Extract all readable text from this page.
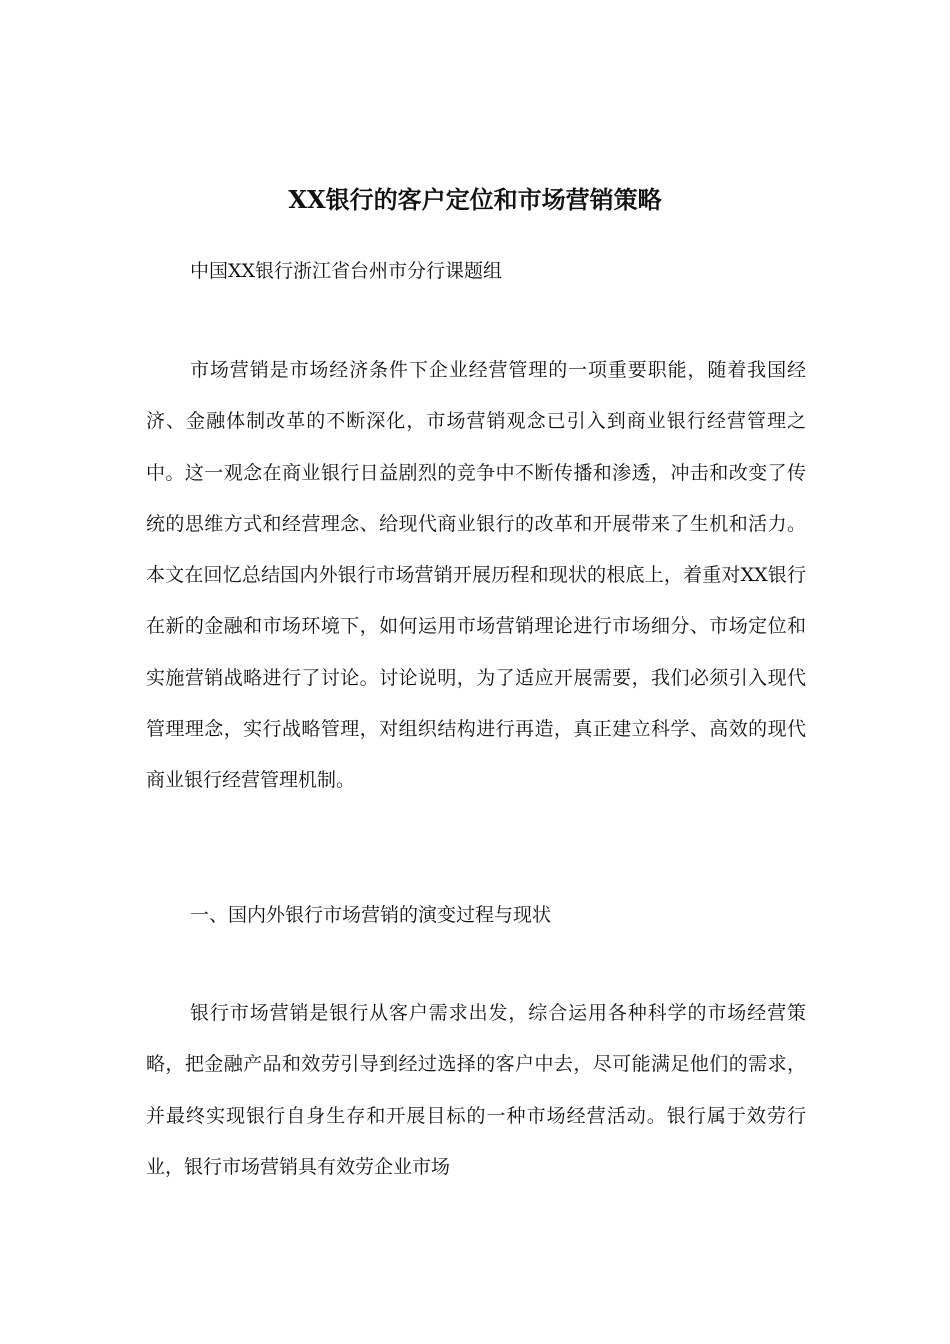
XX银行的客户定位和市场营销策略

中国XX银行浙江省台州市分行课题组

市场营销是市场经济条件下企业经营管理的一项重要职能，随着我国经济、金融体制改革的不断深化，市场营销观念已引入到商业银行经营管理之中。这一观念在商业银行日益剧烈的竞争中不断传播和渗透，冲击和改变了传统的思维方式和经营理念、给现代商业银行的改革和开展带来了生机和活力。本文在回忆总结国内外银行市场营销开展历程和现状的根底上，着重对XX银行在新的金融和市场环境下，如何运用市场营销理论进行市场细分、市场定位和实施营销战略进行了讨论。讨论说明，为了适应开展需要，我们必须引入现代管理理念，实行战略管理，对组织结构进行再造，真正建立科学、高效的现代商业银行经营管理机制。

一、国内外银行市场营销的演变过程与现状

银行市场营销是银行从客户需求出发，综合运用各种科学的市场经营策略，把金融产品和效劳引导到经过选择的客户中去，尽可能满足他们的需求，并最终实现银行自身生存和开展目标的一种市场经营活动。银行属于效劳行业，银行市场营销具有效劳企业市场
